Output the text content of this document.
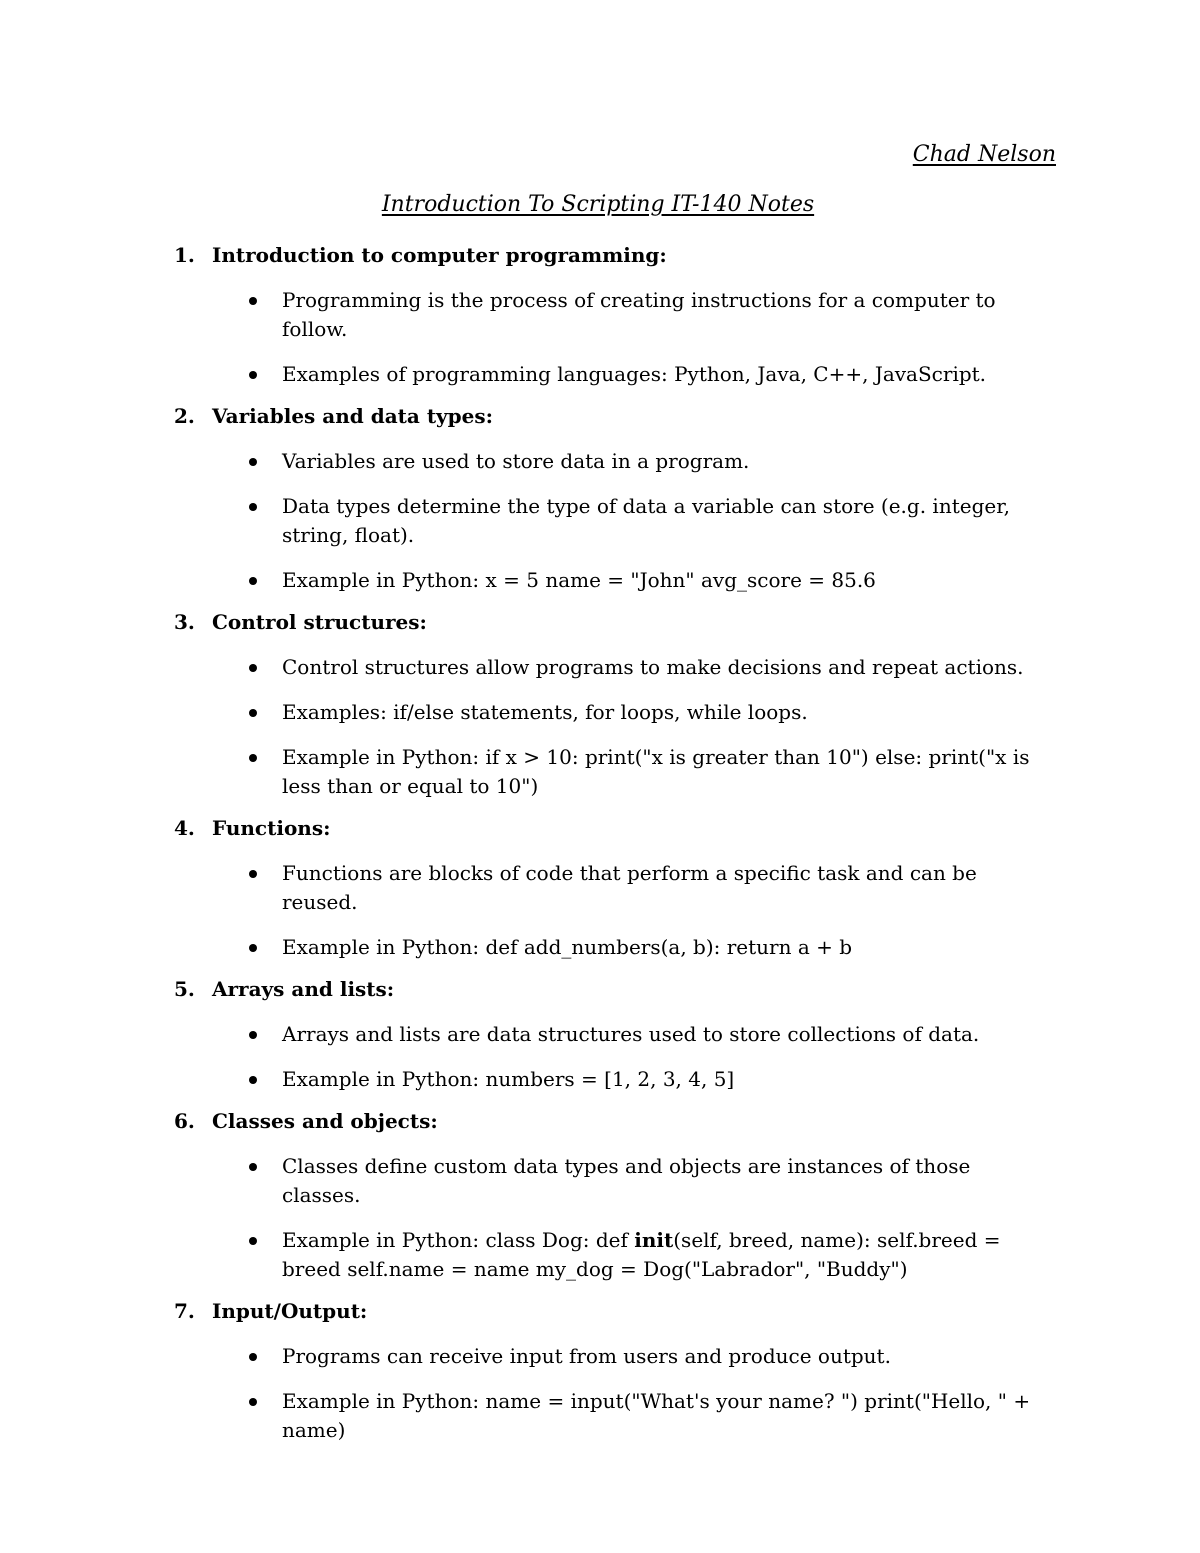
Chad Nelson
Introduction To Scripting IT-140 Notes
1. Introduction to computer programming:
Programming is the process of creating instructions for a computer to follow.
Examples of programming languages: Python, Java, C++, JavaScript.
2. Variables and data types:
Variables are used to store data in a program.
Data types determine the type of data a variable can store (e.g. integer, string, float).
Example in Python: x = 5 name = "John" avg_score = 85.6
3. Control structures:
Control structures allow programs to make decisions and repeat actions.
Examples: if/else statements, for loops, while loops.
Example in Python: if x > 10: print("x is greater than 10") else: print("x is less than or equal to 10")
4. Functions:
Functions are blocks of code that perform a specific task and can be reused.
Example in Python: def add_numbers(a, b): return a + b
5. Arrays and lists:
Arrays and lists are data structures used to store collections of data.
Example in Python: numbers = [1, 2, 3, 4, 5]
6. Classes and objects:
Classes define custom data types and objects are instances of those classes.
Example in Python: class Dog: def init(self, breed, name): self.breed = breed self.name = name my_dog = Dog("Labrador", "Buddy")
7. Input/Output:
Programs can receive input from users and produce output.
Example in Python: name = input("What's your name? ") print("Hello, " + name)
